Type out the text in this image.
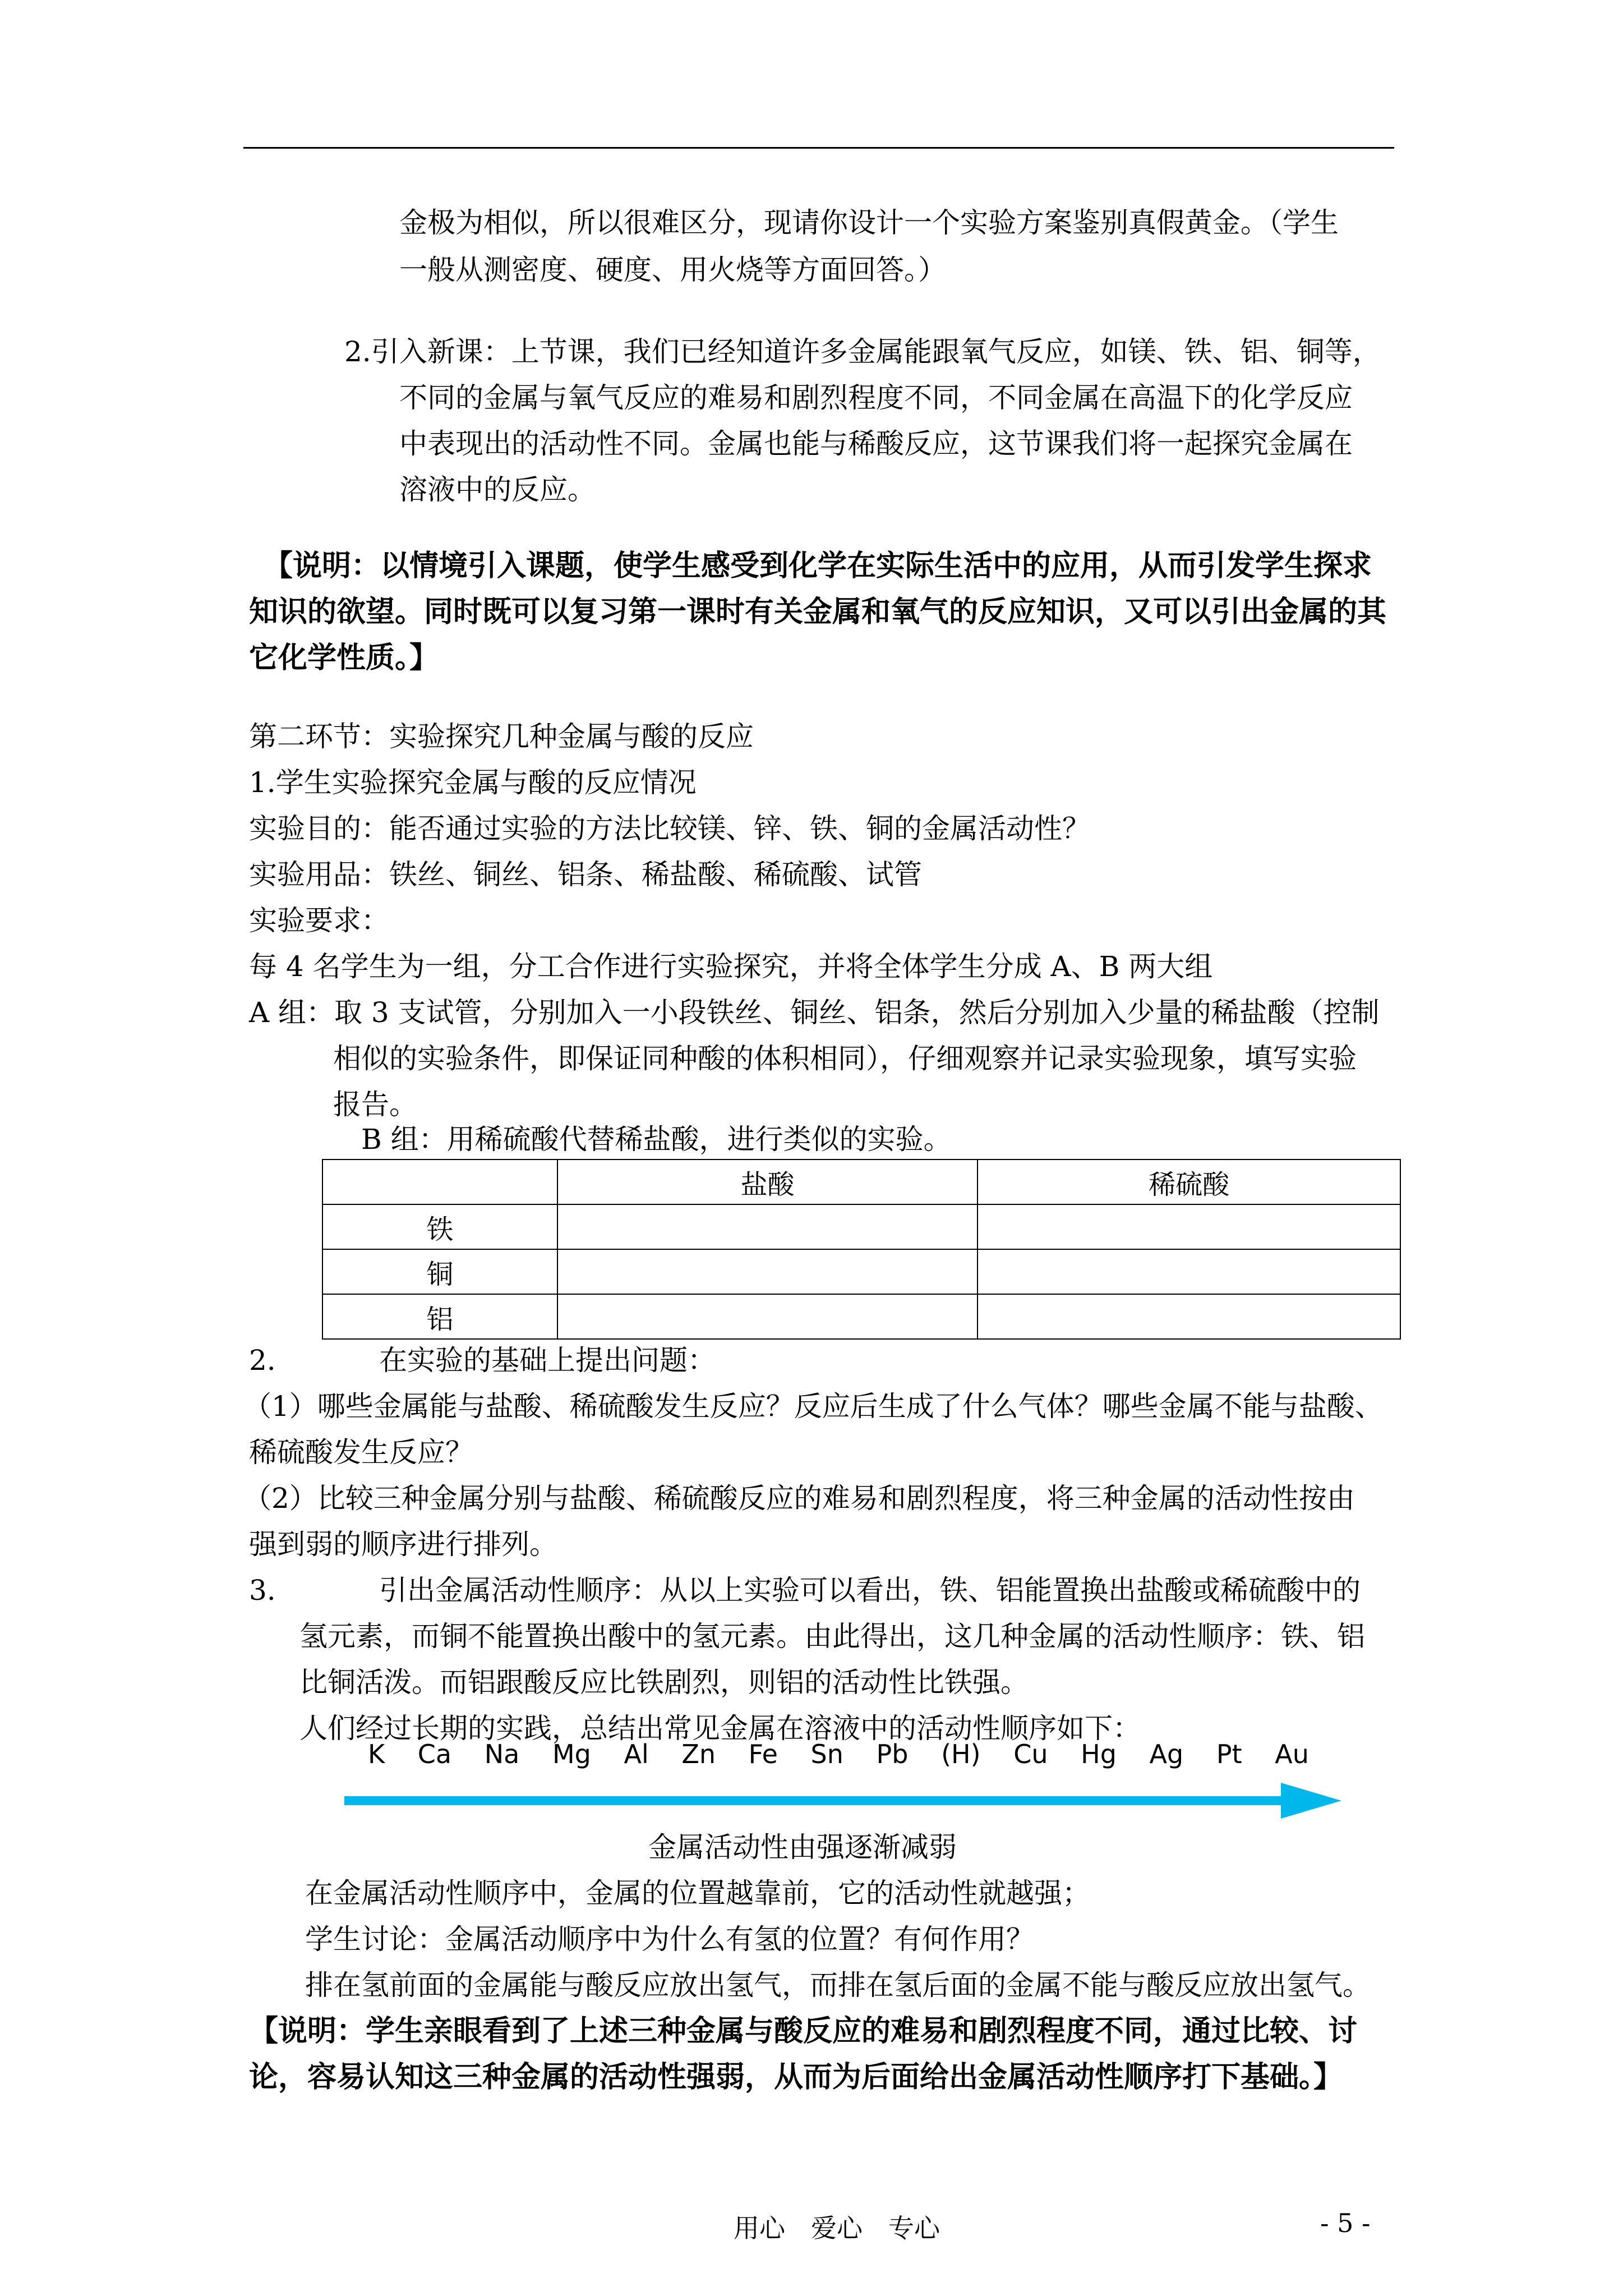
金极为相似，所以很难区分，现请你设计一个实验方案鉴别真假黄金。（学生

一般从测密度、硬度、用火烧等方面回答。）

2.引入新课：上节课，我们已经知道许多金属能跟氧气反应，如镁、铁、铝、铜等，

不同的金属与氧气反应的难易和剧烈程度不同，不同金属在高温下的化学反应

中表现出的活动性不同。金属也能与稀酸反应，这节课我们将一起探究金属在

溶液中的反应。

【说明：以情境引入课题，使学生感受到化学在实际生活中的应用，从而引发学生探求知识的欲望。同时既可以复习第一课时有关金属和氧气的反应知识，又可以引出金属的其它化学性质。】

第二环节：实验探究几种金属与酸的反应

1.学生实验探究金属与酸的反应情况

实验目的：能否通过实验的方法比较镁、锌、铁、铜的金属活动性？

实验用品：铁丝、铜丝、铝条、稀盐酸、稀硫酸、试管

实验要求：

每 4 名学生为一组，分工合作进行实验探究，并将全体学生分成 A、B 两大组

A 组：取 3 支试管，分别加入一小段铁丝、铜丝、铝条，然后分别加入少量的稀盐酸（控制

相似的实验条件，即保证同种酸的体积相同），仔细观察并记录实验现象，填写实验

报告。

B 组：用稀硫酸代替稀盐酸，进行类似的实验。

	盐酸	稀硫酸
铁		
铜		
铝		

2.	在实验的基础上提出问题：

（1）哪些金属能与盐酸、稀硫酸发生反应？反应后生成了什么气体？哪些金属不能与盐酸、

稀硫酸发生反应？

（2）比较三种金属分别与盐酸、稀硫酸反应的难易和剧烈程度，将三种金属的活动性按由

强到弱的顺序进行排列。

3.	引出金属活动性顺序：从以上实验可以看出，铁、铝能置换出盐酸或稀硫酸中的

氢元素，而铜不能置换出酸中的氢元素。由此得出，这几种金属的活动性顺序：铁、铝

比铜活泼。而铝跟酸反应比铁剧烈，则铝的活动性比铁强。

人们经过长期的实践，总结出常见金属在溶液中的活动性顺序如下：

K Ca Na Mg Al Zn Fe Sn Pb (H) Cu Hg Ag Pt Au

金属活动性由强逐渐减弱

在金属活动性顺序中，金属的位置越靠前，它的活动性就越强；

学生讨论：金属活动顺序中为什么有氢的位置？有何作用？

排在氢前面的金属能与酸反应放出氢气，而排在氢后面的金属不能与酸反应放出氢气。

【说明：学生亲眼看到了上述三种金属与酸反应的难易和剧烈程度不同，通过比较、讨论，容易认知这三种金属的活动性强弱，从而为后面给出金属活动性顺序打下基础。】

用心　爱心　专心	- 5 -
